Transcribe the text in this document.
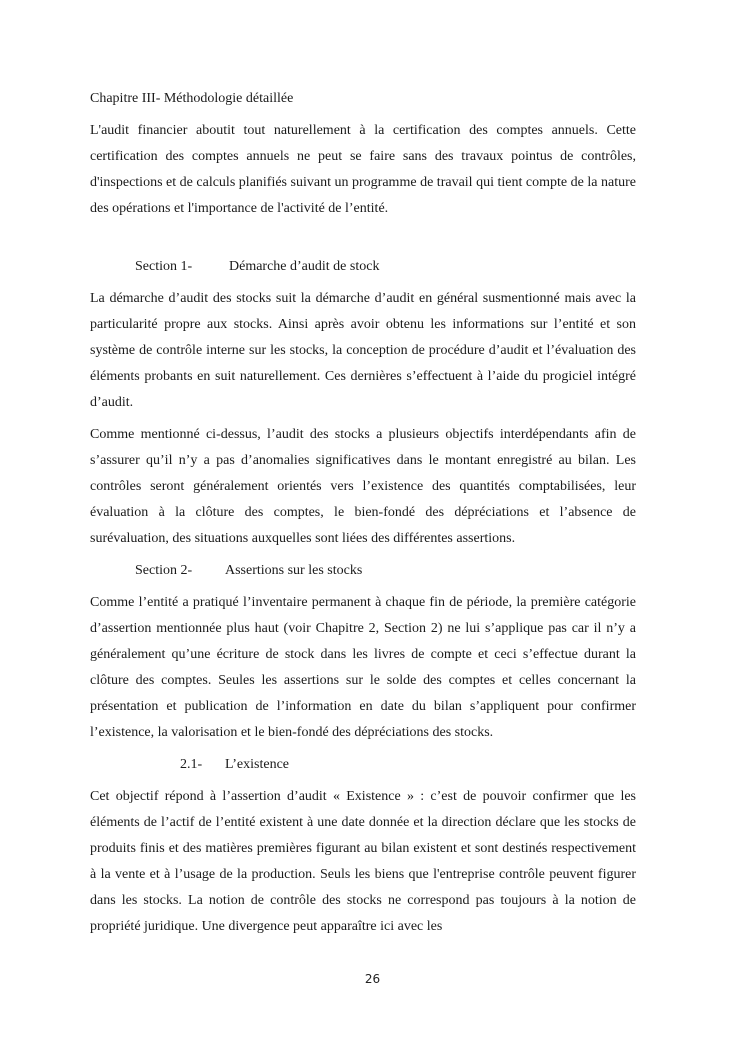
Chapitre III- Méthodologie détaillée

L'audit financier aboutit tout naturellement à la certification des comptes annuels. Cette certification des comptes annuels ne peut se faire sans des travaux pointus de contrôles, d'inspections et de calculs planifiés suivant un programme de travail qui tient compte de la nature des opérations et l'importance de l'activité de l’entité.

Section 1-	Démarche d’audit de stock

La démarche d’audit des stocks suit la démarche d’audit en général susmentionné mais avec la particularité propre aux stocks. Ainsi après avoir obtenu les informations sur l’entité et son système de contrôle interne sur les stocks, la conception de procédure d’audit et l’évaluation des éléments probants en suit naturellement. Ces dernières s’effectuent à l’aide du progiciel intégré d’audit.

Comme mentionné ci-dessus, l’audit des stocks a plusieurs objectifs interdépendants afin de s’assurer qu’il n’y a pas d’anomalies significatives dans le montant enregistré au bilan. Les contrôles seront généralement orientés vers l’existence des quantités comptabilisées, leur évaluation à la clôture des comptes, le bien-fondé des dépréciations et l’absence de surévaluation, des situations auxquelles sont liées des différentes assertions.

Section 2-	Assertions sur les stocks

Comme l’entité a pratiqué l’inventaire permanent à chaque fin de période, la première catégorie d’assertion mentionnée plus haut (voir Chapitre 2, Section 2) ne lui s’applique pas car il n’y a généralement qu’une écriture de stock dans les livres de compte et ceci s’effectue durant la clôture des comptes. Seules les assertions sur le solde des comptes et celles concernant la présentation et publication de l’information en date du bilan s’appliquent pour confirmer l’existence, la valorisation et le bien-fondé des dépréciations des stocks.

2.1-	L’existence

Cet objectif répond à l’assertion d’audit « Existence » : c’est de pouvoir confirmer que les éléments de l’actif de l’entité existent à une date donnée et la direction déclare que les stocks de produits finis et des matières premières figurant au bilan existent et sont destinés respectivement à la vente et à l’usage de la production. Seuls les biens que l'entreprise contrôle peuvent figurer dans les stocks. La notion de contrôle des stocks ne correspond pas toujours à la notion de propriété juridique. Une divergence peut apparaître ici avec les

26
